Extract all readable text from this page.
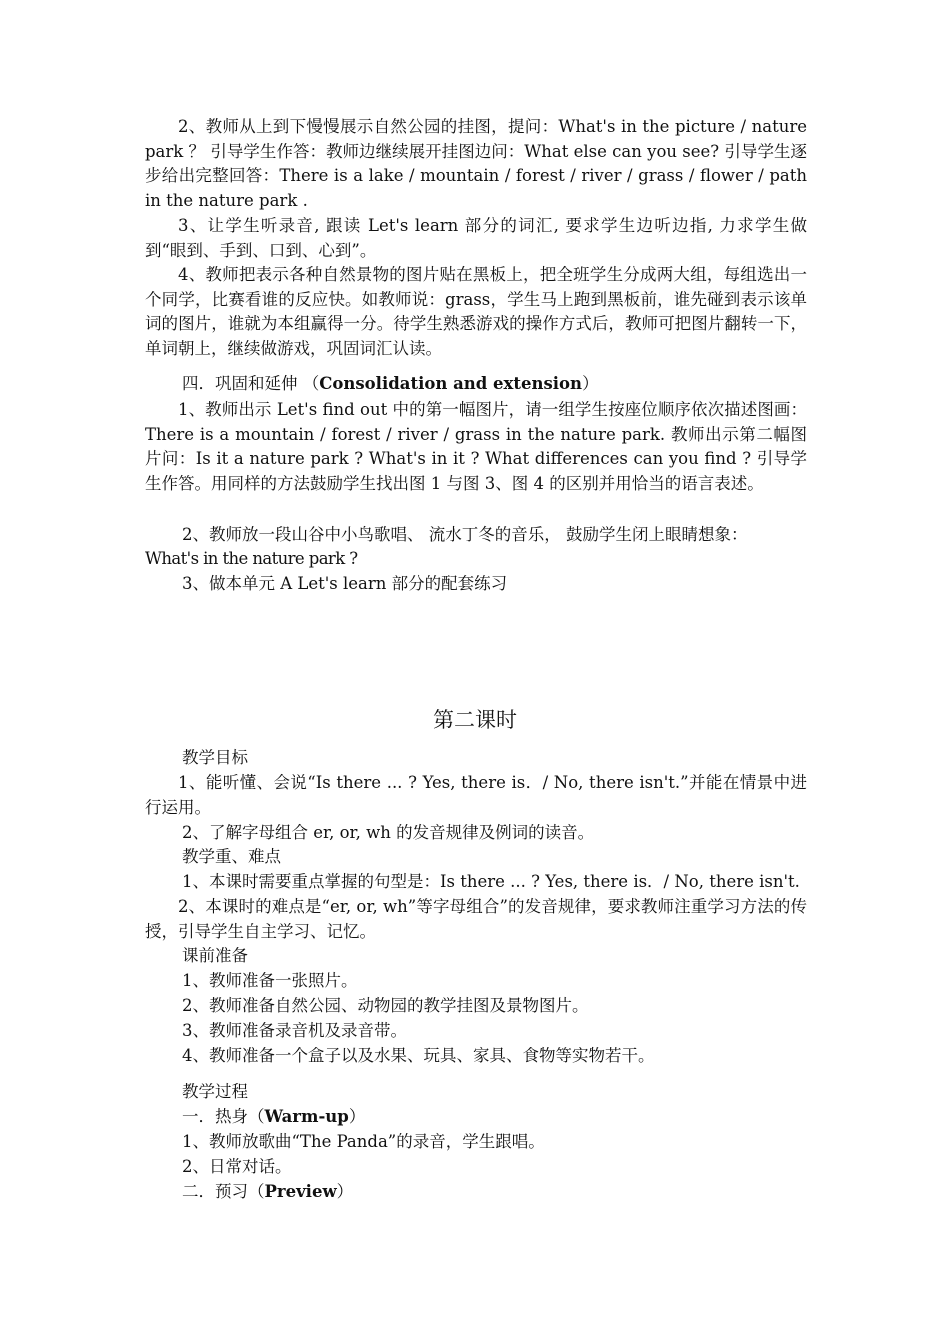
2、教师从上到下慢慢展示自然公园的挂图，提问：What's in the picture / nature park ？ 引导学生作答：教师边继续展开挂图边问：What else can you see? 引导学生逐步给出完整回答：There is a lake / mountain / forest / river / grass / flower / path in the nature park .
3、让学生听录音, 跟读 Let's learn 部分的词汇, 要求学生边听边指, 力求学生做 到“眼到、手到、口到、心到”。
4、教师把表示各种自然景物的图片贴在黑板上，把全班学生分成两大组，每组选出一个同学，比赛看谁的反应快。如教师说：grass，学生马上跑到黑板前，谁先碰到表示该单词的图片，谁就为本组赢得一分。待学生熟悉游戏的操作方式后，教师可把图片翻转一下，单词朝上，继续做游戏，巩固词汇认读。
四．巩固和延伸 （Consolidation and extension）
1、教师出示 Let's find out 中的第一幅图片，请一组学生按座位顺序依次描述图画：There is a mountain / forest / river / grass in the nature park. 教师出示第二幅图片问：Is it a nature park ? What's in it ? What differences can you find ? 引导学生作答。用同样的方法鼓励学生找出图 1 与图 3、图 4 的区别并用恰当的语言表述。
2、教师放一段山谷中小鸟歌唱、 流水丁冬的音乐， 鼓励学生闭上眼睛想象：
What's in the nature park ?
3、做本单元 A Let's learn 部分的配套练习
第二课时
教学目标
1、能听懂、会说“Is there ... ? Yes, there is．/ No, there isn't.”并能在情景中进行运用。
2、了解字母组合 er, or, wh 的发音规律及例词的读音。
教学重、难点
1、本课时需要重点掌握的句型是：Is there ... ? Yes, there is．/ No, there isn't.
2、本课时的难点是“er, or, wh”等字母组合”的发音规律，要求教师注重学习方法的传授，引导学生自主学习、记忆。
课前准备
1、教师准备一张照片。
2、教师准备自然公园、动物园的教学挂图及景物图片。
3、教师准备录音机及录音带。
4、教师准备一个盒子以及水果、玩具、家具、食物等实物若干。
教学过程
一．热身（Warm-up）
1、教师放歌曲“The Panda”的录音，学生跟唱。
2、日常对话。
二．预习（Preview）
